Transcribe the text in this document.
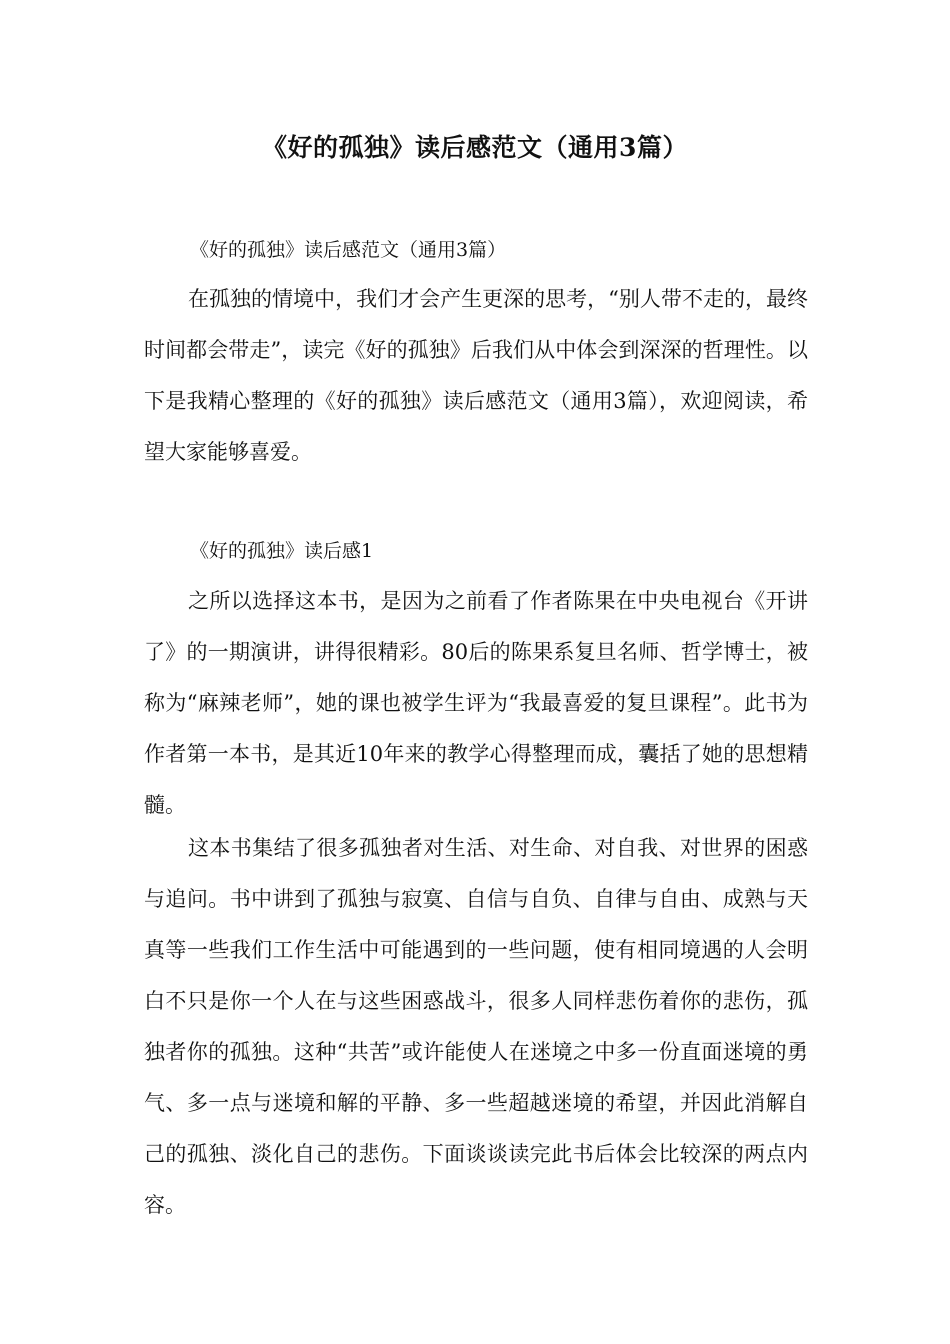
《好的孤独》读后感范文（通用3篇）
《好的孤独》读后感范文（通用3篇）
在孤独的情境中，我们才会产生更深的思考，“别人带不走的，最终时间都会带走”，读完《好的孤独》后我们从中体会到深深的哲理性。以下是我精心整理的《好的孤独》读后感范文（通用3篇），欢迎阅读，希望大家能够喜爱。
《好的孤独》读后感1
之所以选择这本书，是因为之前看了作者陈果在中央电视台《开讲了》的一期演讲，讲得很精彩。80后的陈果系复旦名师、哲学博士，被称为“麻辣老师”，她的课也被学生评为“我最喜爱的复旦课程”。此书为作者第一本书，是其近10年来的教学心得整理而成，囊括了她的思想精髓。
这本书集结了很多孤独者对生活、对生命、对自我、对世界的困惑与追问。书中讲到了孤独与寂寞、自信与自负、自律与自由、成熟与天真等一些我们工作生活中可能遇到的一些问题，使有相同境遇的人会明白不只是你一个人在与这些困惑战斗，很多人同样悲伤着你的悲伤，孤独者你的孤独。这种“共苦”或许能使人在迷境之中多一份直面迷境的勇气、多一点与迷境和解的平静、多一些超越迷境的希望，并因此消解自己的孤独、淡化自己的悲伤。下面谈谈读完此书后体会比较深的两点内容。
